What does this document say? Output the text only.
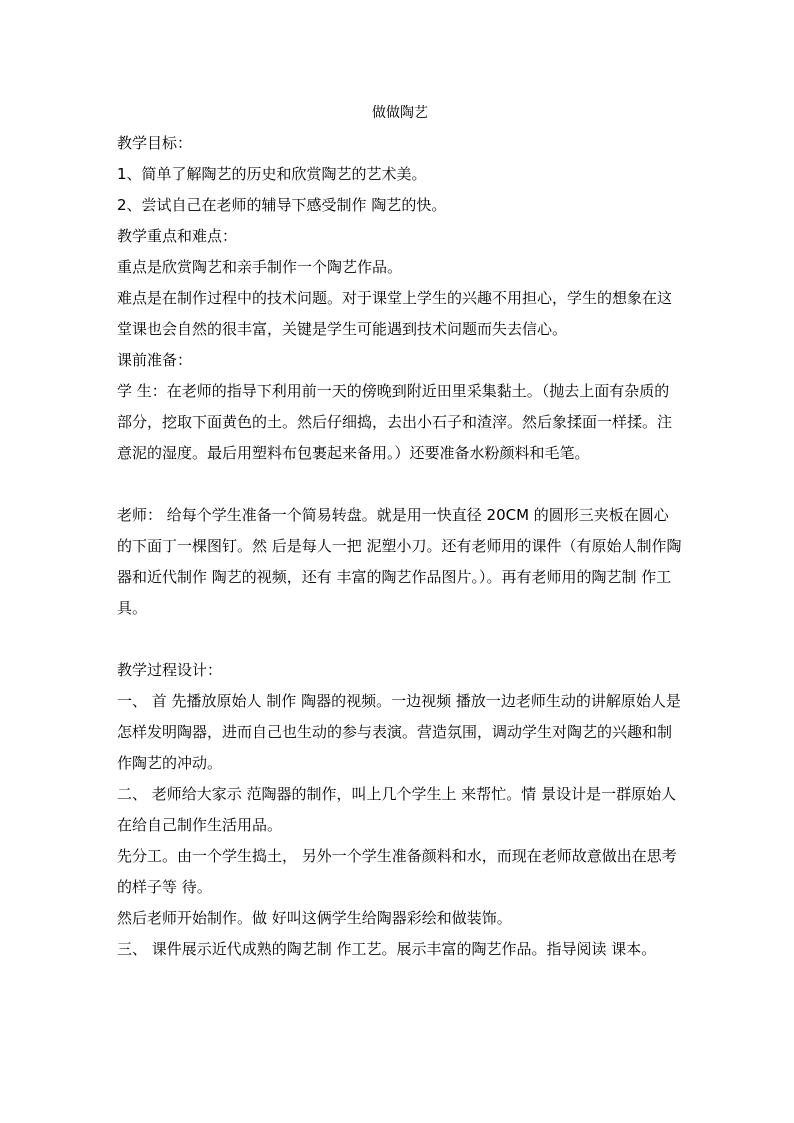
做做陶艺

教学目标：

1、简单了解陶艺的历史和欣赏陶艺的艺术美。

2、尝试自己在老师的辅导下感受制作 陶艺的快。

教学重点和难点：

重点是欣赏陶艺和亲手制作一个陶艺作品。

难点是在制作过程中的技术问题。对于课堂上学生的兴趣不用担心，学生的想象在这堂课也会自然的很丰富，关键是学生可能遇到技术问题而失去信心。

课前准备：

学 生：在老师的指导下利用前一天的傍晚到附近田里采集黏土。（抛去上面有杂质的部分，挖取下面黄色的土。然后仔细捣，去出小石子和渣滓。然后象揉面一样揉。注意泥的湿度。最后用塑料布包裹起来备用。）还要准备水粉颜料和毛笔。

老师： 给每个学生准备一个简易转盘。就是用一快直径 20CM 的圆形三夹板在圆心的下面丁一棵图钉。然 后是每人一把 泥塑小刀。还有老师用的课件（有原始人制作陶器和近代制作 陶艺的视频，还有 丰富的陶艺作品图片。）。再有老师用的陶艺制 作工具。

教学过程设计：

一、 首 先播放原始人 制作 陶器的视频。一边视频 播放一边老师生动的讲解原始人是怎样发明陶器，进而自己也生动的参与表演。营造氛围，调动学生对陶艺的兴趣和制作陶艺的冲动。

二、 老师给大家示 范陶器的制作，叫上几个学生上 来帮忙。情 景设计是一群原始人在给自己制作生活用品。

先分工。由一个学生捣土， 另外一个学生准备颜料和水，而现在老师故意做出在思考的样子等 待。

然后老师开始制作。做 好叫这俩学生给陶器彩绘和做装饰。

三、 课件展示近代成熟的陶艺制 作工艺。展示丰富的陶艺作品。指导阅读 课本。
